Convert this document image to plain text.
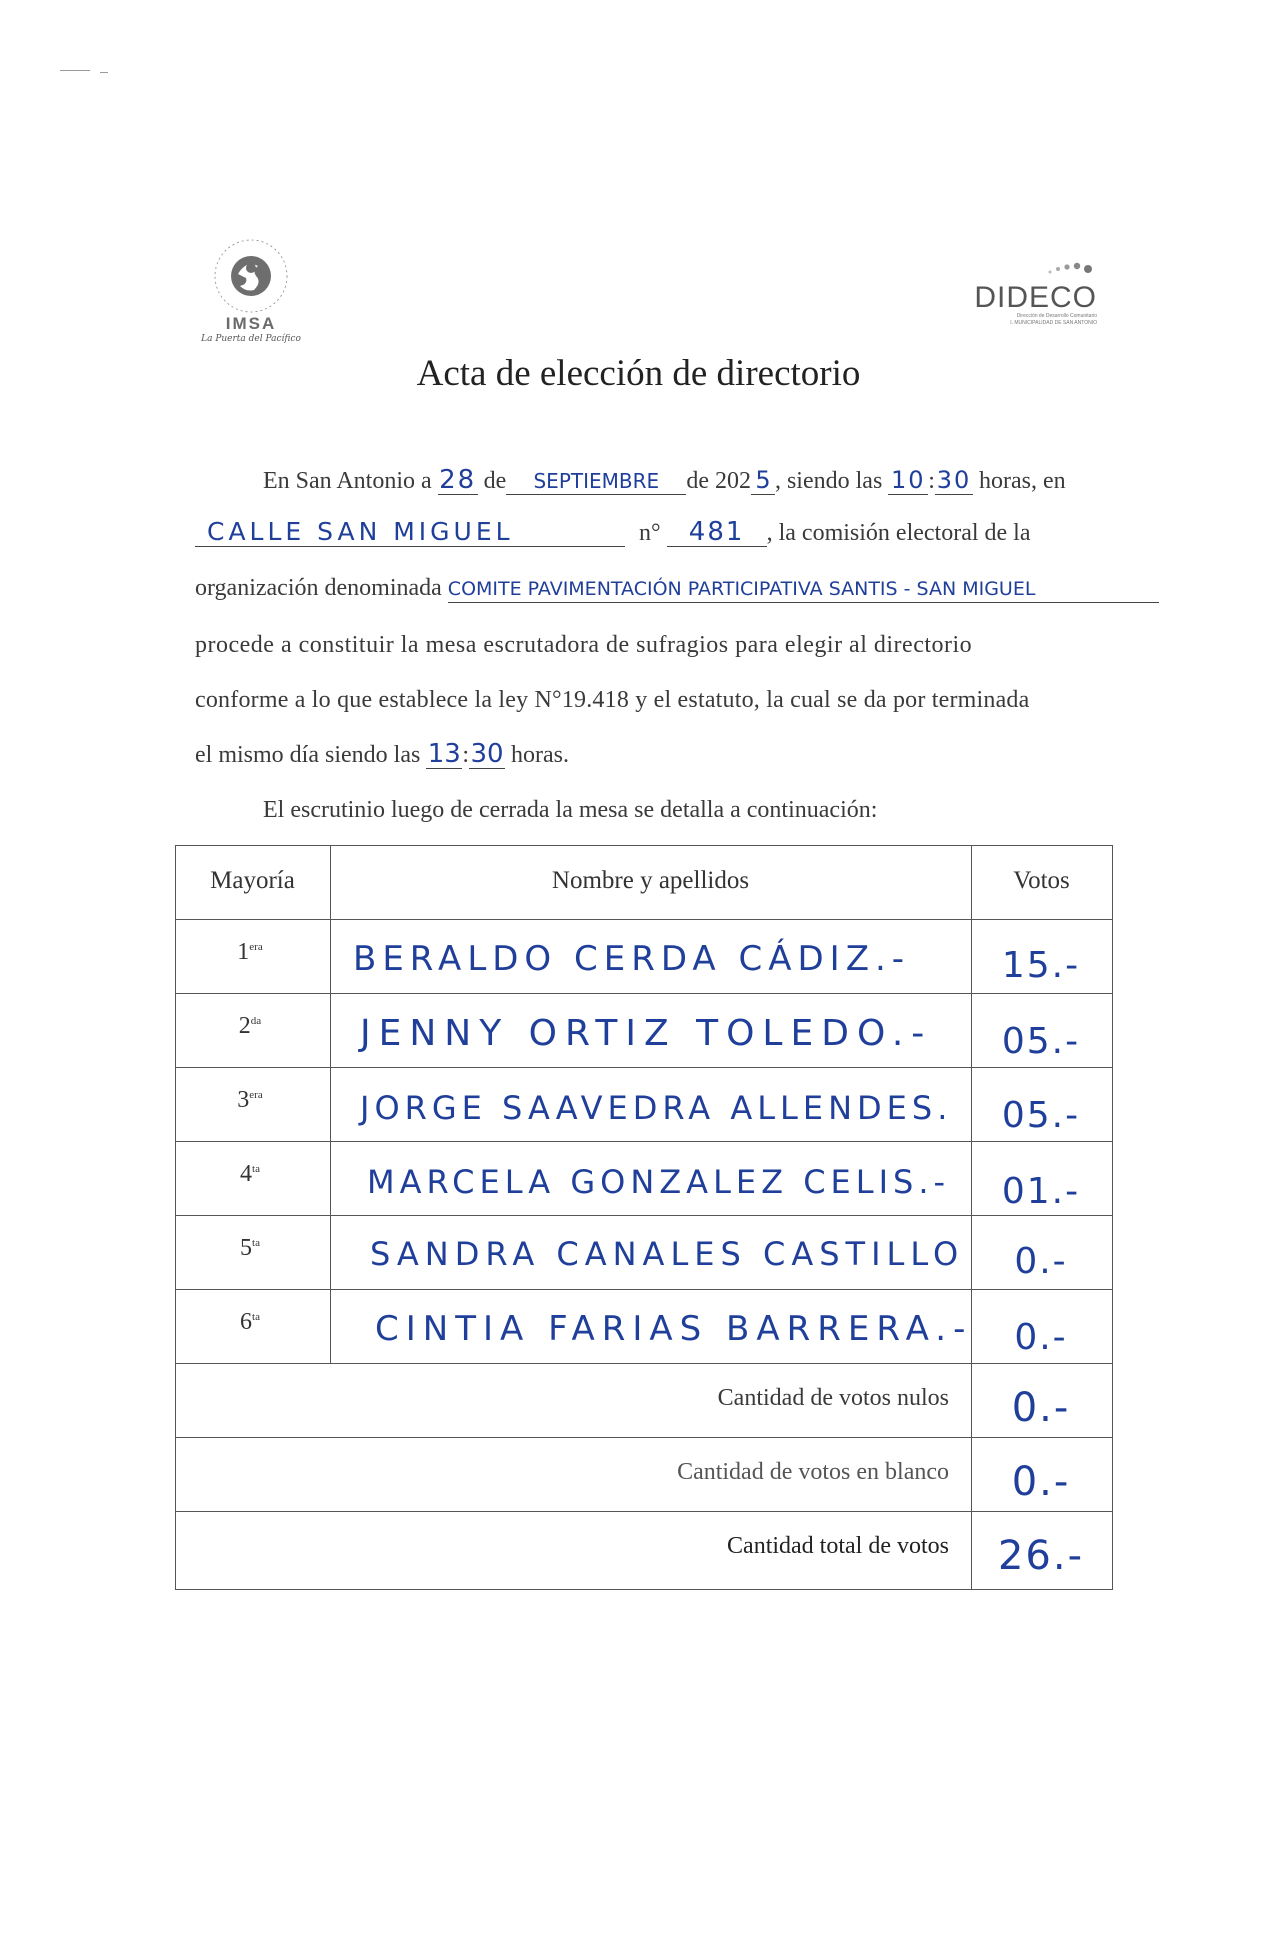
IMSA
La Puerta del Pacífico
DIDECO
Dirección de Desarrollo Comunitario
I. MUNICIPALIDAD DE SAN ANTONIO
Acta de elección de directorio
En San Antonio a 28 de SEPTIEMBRE de 202 5 , siendo las 10 :30 horas, en
CALLE SAN MIGUEL	n° 481 , la comisión electoral de la
organización denominada COMITE PAVIMENTACIÓN PARTICIPATIVA SANTIS - SAN MIGUEL
procede a constituir la mesa escrutadora de sufragios para elegir al directorio
conforme a lo que establece la ley N°19.418 y el estatuto, la cual se da por terminada
el mismo día siendo las 13:30 horas.
El escrutinio luego de cerrada la mesa se detalla a continuación:
Mayoría	Nombre y apellidos	Votos
$1^{era}$	BERALDO CERDA CÁDIZ.-	15.-
$2^{da}$	JENNY ORTIZ TOLEDO.-	05.-
$3^{era}$	JORGE SAAVEDRA ALLENDES.	05.-
$4^{ta}$	MARCELA GONZALEZ CELIS.-	01.-
$5^{ta}$	SANDRA CANALES CASTILLO	0.-
$6^{ta}$	CINTIA FARIAS BARRERA.-	0.-
Cantidad de votos nulos	0.-
Cantidad de votos en blanco	0.-
Cantidad total de votos	26.-
